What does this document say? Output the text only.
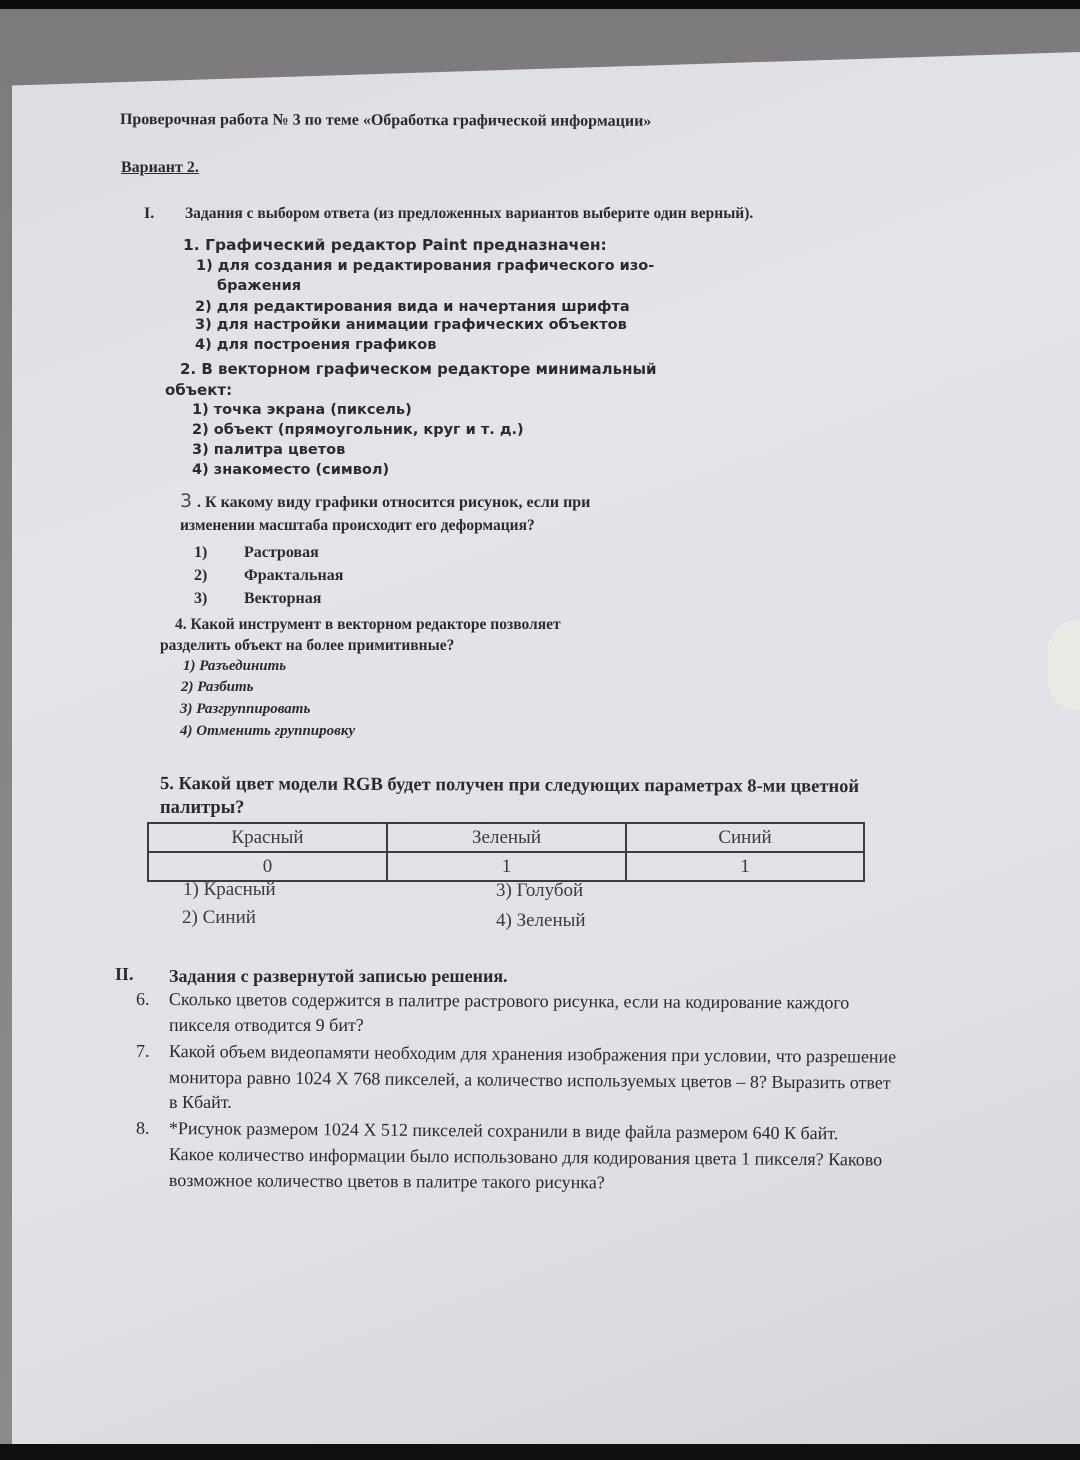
Проверочная работа № 3 по теме «Обработка графической информации»
Вариант 2.
I. Задания с выбором ответа (из предложенных вариантов выберите один верный).
1. Графический редактор Paint предназначен:
1) для создания и редактирования графического изо-
бражения
2) для редактирования вида и начертания шрифта
3) для настройки анимации графических объектов
4) для построения графиков
2. В векторном графическом редакторе минимальный
объект:
1) точка экрана (пиксель)
2) объект (прямоугольник, круг и т. д.)
3) палитра цветов
4) знакоместо (символ)
3 . К какому виду графики относится рисунок, если при
изменении масштаба происходит его деформация?
1) Растровая
2) Фрактальная
3) Векторная
4. Какой инструмент в векторном редакторе позволяет
разделить объект на более примитивные?
1) Разъединить
2) Разбить
3) Разгруппировать
4) Отменить группировку
5. Какой цвет модели RGB будет получен при следующих параметрах 8-ми цветной
палитры?
Красный	Зеленый	Синий
0	1	1
1) Красный
2) Синий
3) Голубой
4) Зеленый
II. Задания с развернутой записью решения.
6. Сколько цветов содержится в палитре растрового рисунка, если на кодирование каждого
пикселя отводится 9 бит?
7. Какой объем видеопамяти необходим для хранения изображения при условии, что разрешение
монитора равно 1024 X 768 пикселей, а количество используемых цветов – 8? Выразить ответ
в Кбайт.
8. *Рисунок размером 1024 X 512 пикселей сохранили в виде файла размером 640 К байт.
Какое количество информации было использовано для кодирования цвета 1 пикселя? Каково
возможное количество цветов в палитре такого рисунка?
